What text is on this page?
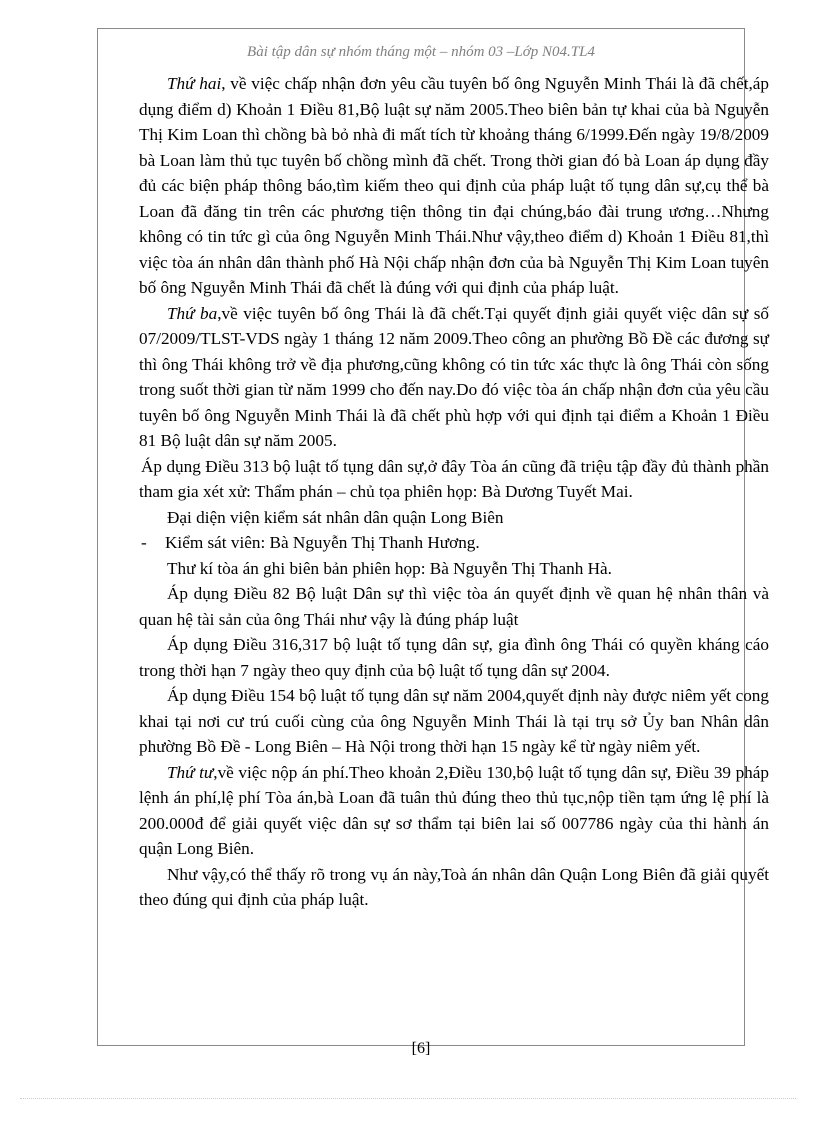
Bài tập dân sự nhóm tháng một – nhóm 03 –Lớp N04.TL4

Thứ hai, về việc chấp nhận đơn yêu cầu tuyên bố ông Nguyễn Minh Thái là đã chết,áp dụng điểm d) Khoản 1 Điều 81,Bộ luật sự năm 2005.Theo biên bản tự khai của bà Nguyễn Thị Kim Loan thì chồng bà bỏ nhà đi mất tích từ khoảng tháng 6/1999.Đến ngày 19/8/2009 bà Loan làm thủ tục tuyên bố chồng mình đã chết. Trong thời gian đó bà Loan áp dụng đầy đủ các biện pháp thông báo,tìm kiếm theo qui định của pháp luật tố tụng dân sự,cụ thể bà Loan đã đăng tin trên các phương tiện thông tin đại chúng,báo đài trung ương…Nhưng không có tin tức gì của ông Nguyễn Minh Thái.Như vậy,theo điểm d) Khoản 1 Điều 81,thì việc tòa án nhân dân thành phố Hà Nội chấp nhận đơn của bà Nguyễn Thị Kim Loan tuyên bố ông Nguyễn Minh Thái đã chết là đúng với qui định của pháp luật.

Thứ ba,về việc tuyên bố ông Thái là đã chết.Tại quyết định giải quyết việc dân sự số 07/2009/TLST-VDS ngày 1 tháng 12 năm 2009.Theo công an phường Bồ Đề các đương sự thì ông Thái không trở về địa phương,cũng không có tin tức xác thực là ông Thái còn sống trong suốt thời gian từ năm 1999 cho đến nay.Do đó việc tòa án chấp nhận đơn của yêu cầu tuyên bố ông Nguyễn Minh Thái là đã chết phù hợp với qui định tại điểm a Khoản 1 Điều 81 Bộ luật dân sự năm 2005.

Áp dụng Điều 313 bộ luật tố tụng dân sự,ở đây Tòa án cũng đã triệu tập đầy đủ thành phần tham gia xét xử: Thẩm phán – chủ tọa phiên họp: Bà Dương Tuyết Mai.

Đại diện viện kiểm sát nhân dân quận Long Biên

- Kiểm sát viên: Bà Nguyễn Thị Thanh Hương.

Thư kí tòa án ghi biên bản phiên họp: Bà Nguyễn Thị Thanh Hà.

Áp dụng Điều 82 Bộ luật Dân sự thì việc tòa án quyết định về quan hệ nhân thân và quan hệ tài sản của ông Thái như vậy là đúng pháp luật

Áp dụng Điều 316,317 bộ luật tố tụng dân sự, gia đình ông Thái có quyền kháng cáo trong thời hạn 7 ngày theo quy định của bộ luật tố tụng dân sự 2004.

Áp dụng Điều 154 bộ luật tố tụng dân sự năm 2004,quyết định này được niêm yết cong khai tại nơi cư trú cuối cùng của ông Nguyễn Minh Thái là tại trụ sở Ủy ban Nhân dân phường Bồ Đề - Long Biên – Hà Nội trong thời hạn 15 ngày kể từ ngày niêm yết.

Thứ tư,về việc nộp án phí.Theo khoản 2,Điều 130,bộ luật tố tụng dân sự, Điều 39 pháp lệnh án phí,lệ phí Tòa án,bà Loan đã tuân thủ đúng theo thủ tục,nộp tiền tạm ứng lệ phí là 200.000đ để giải quyết việc dân sự sơ thẩm tại biên lai số 007786 ngày của thi hành án quận Long Biên.

Như vậy,có thể thấy rõ trong vụ án này,Toà án nhân dân Quận Long Biên đã giải quyết theo đúng qui định của pháp luật.

[6]
